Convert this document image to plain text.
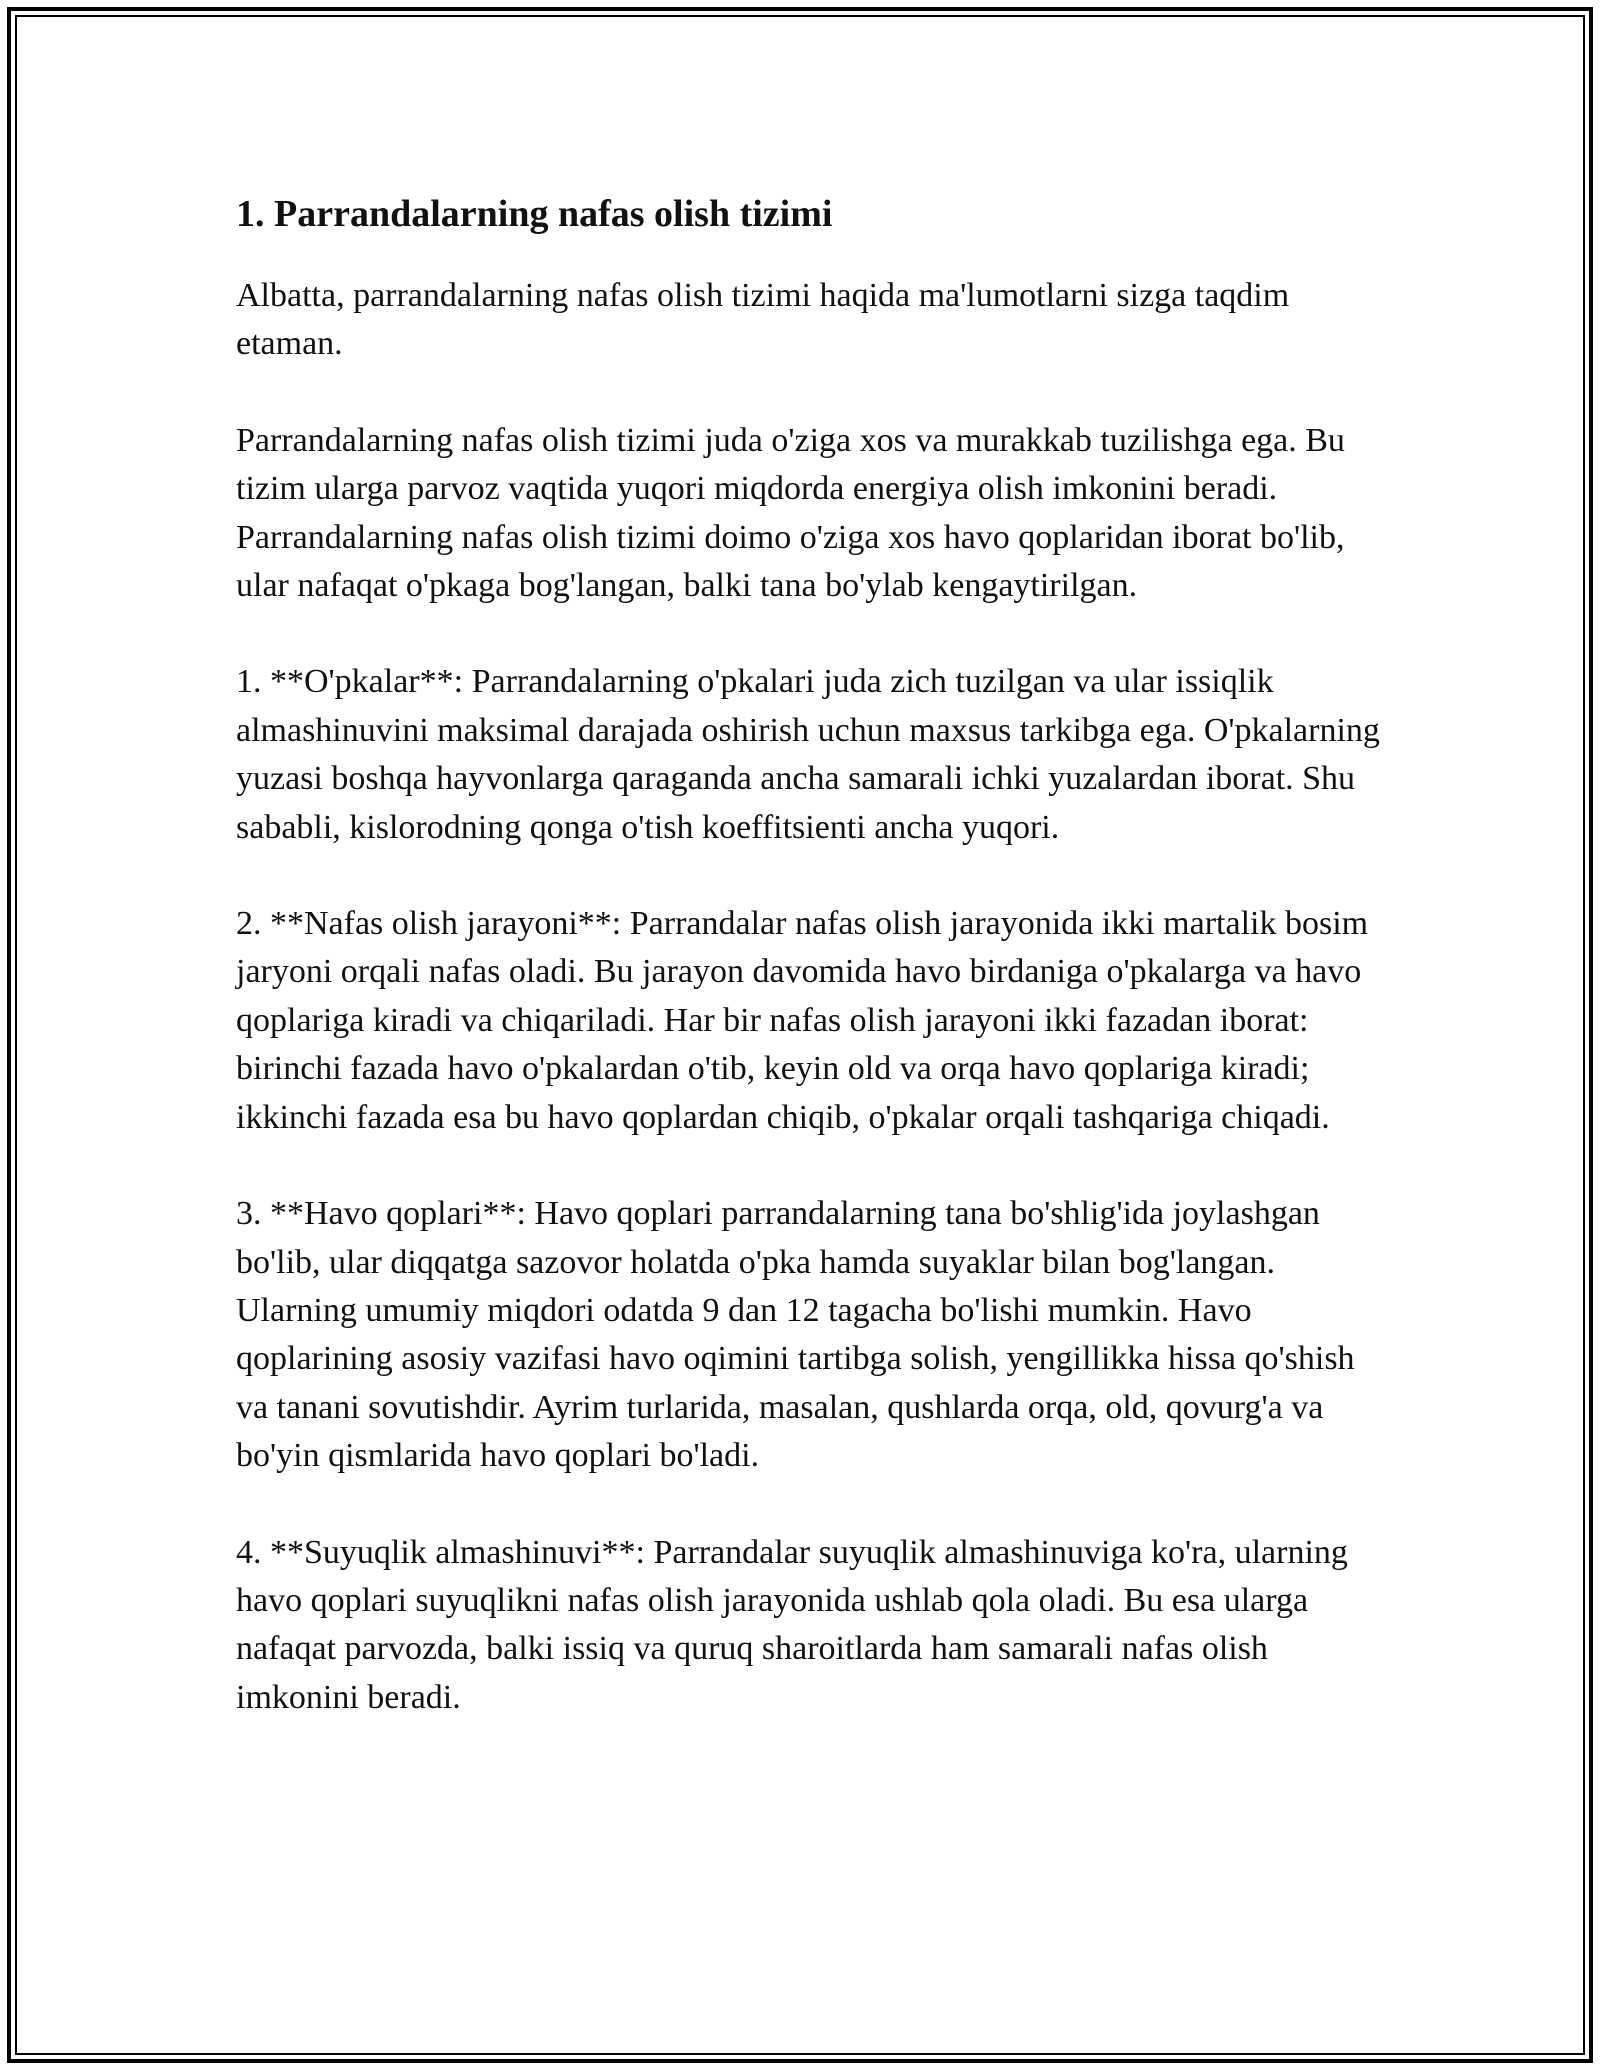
1. Parrandalarning nafas olish tizimi

Albatta, parrandalarning nafas olish tizimi haqida ma'lumotlarni sizga taqdim etaman.

Parrandalarning nafas olish tizimi juda o'ziga xos va murakkab tuzilishga ega. Bu tizim ularga parvoz vaqtida yuqori miqdorda energiya olish imkonini beradi. Parrandalarning nafas olish tizimi doimo o'ziga xos havo qoplaridan iborat bo'lib, ular nafaqat o'pkaga bog'langan, balki tana bo'ylab kengaytirilgan.

1. **O'pkalar**: Parrandalarning o'pkalari juda zich tuzilgan va ular issiqlik almashinuvini maksimal darajada oshirish uchun maxsus tarkibga ega. O'pkalarning yuzasi boshqa hayvonlarga qaraganda ancha samarali ichki yuzalardan iborat. Shu sababli, kislorodning qonga o'tish koeffitsienti ancha yuqori.

2. **Nafas olish jarayoni**: Parrandalar nafas olish jarayonida ikki martalik bosim jaryoni orqali nafas oladi. Bu jarayon davomida havo birdaniga o'pkalarga va havo qoplariga kiradi va chiqariladi. Har bir nafas olish jarayoni ikki fazadan iborat: birinchi fazada havo o'pkalardan o'tib, keyin old va orqa havo qoplariga kiradi; ikkinchi fazada esa bu havo qoplardan chiqib, o'pkalar orqali tashqariga chiqadi.

3. **Havo qoplari**: Havo qoplari parrandalarning tana bo'shlig'ida joylashgan bo'lib, ular diqqatga sazovor holatda o'pka hamda suyaklar bilan bog'langan. Ularning umumiy miqdori odatda 9 dan 12 tagacha bo'lishi mumkin. Havo qoplarining asosiy vazifasi havo oqimini tartibga solish, yengillikka hissa qo'shish va tanani sovutishdir. Ayrim turlarida, masalan, qushlarda orqa, old, qovurg'a va bo'yin qismlarida havo qoplari bo'ladi.

4. **Suyuqlik almashinuvi**: Parrandalar suyuqlik almashinuviga ko'ra, ularning havo qoplari suyuqlikni nafas olish jarayonida ushlab qola oladi. Bu esa ularga nafaqat parvozda, balki issiq va quruq sharoitlarda ham samarali nafas olish imkonini beradi.
